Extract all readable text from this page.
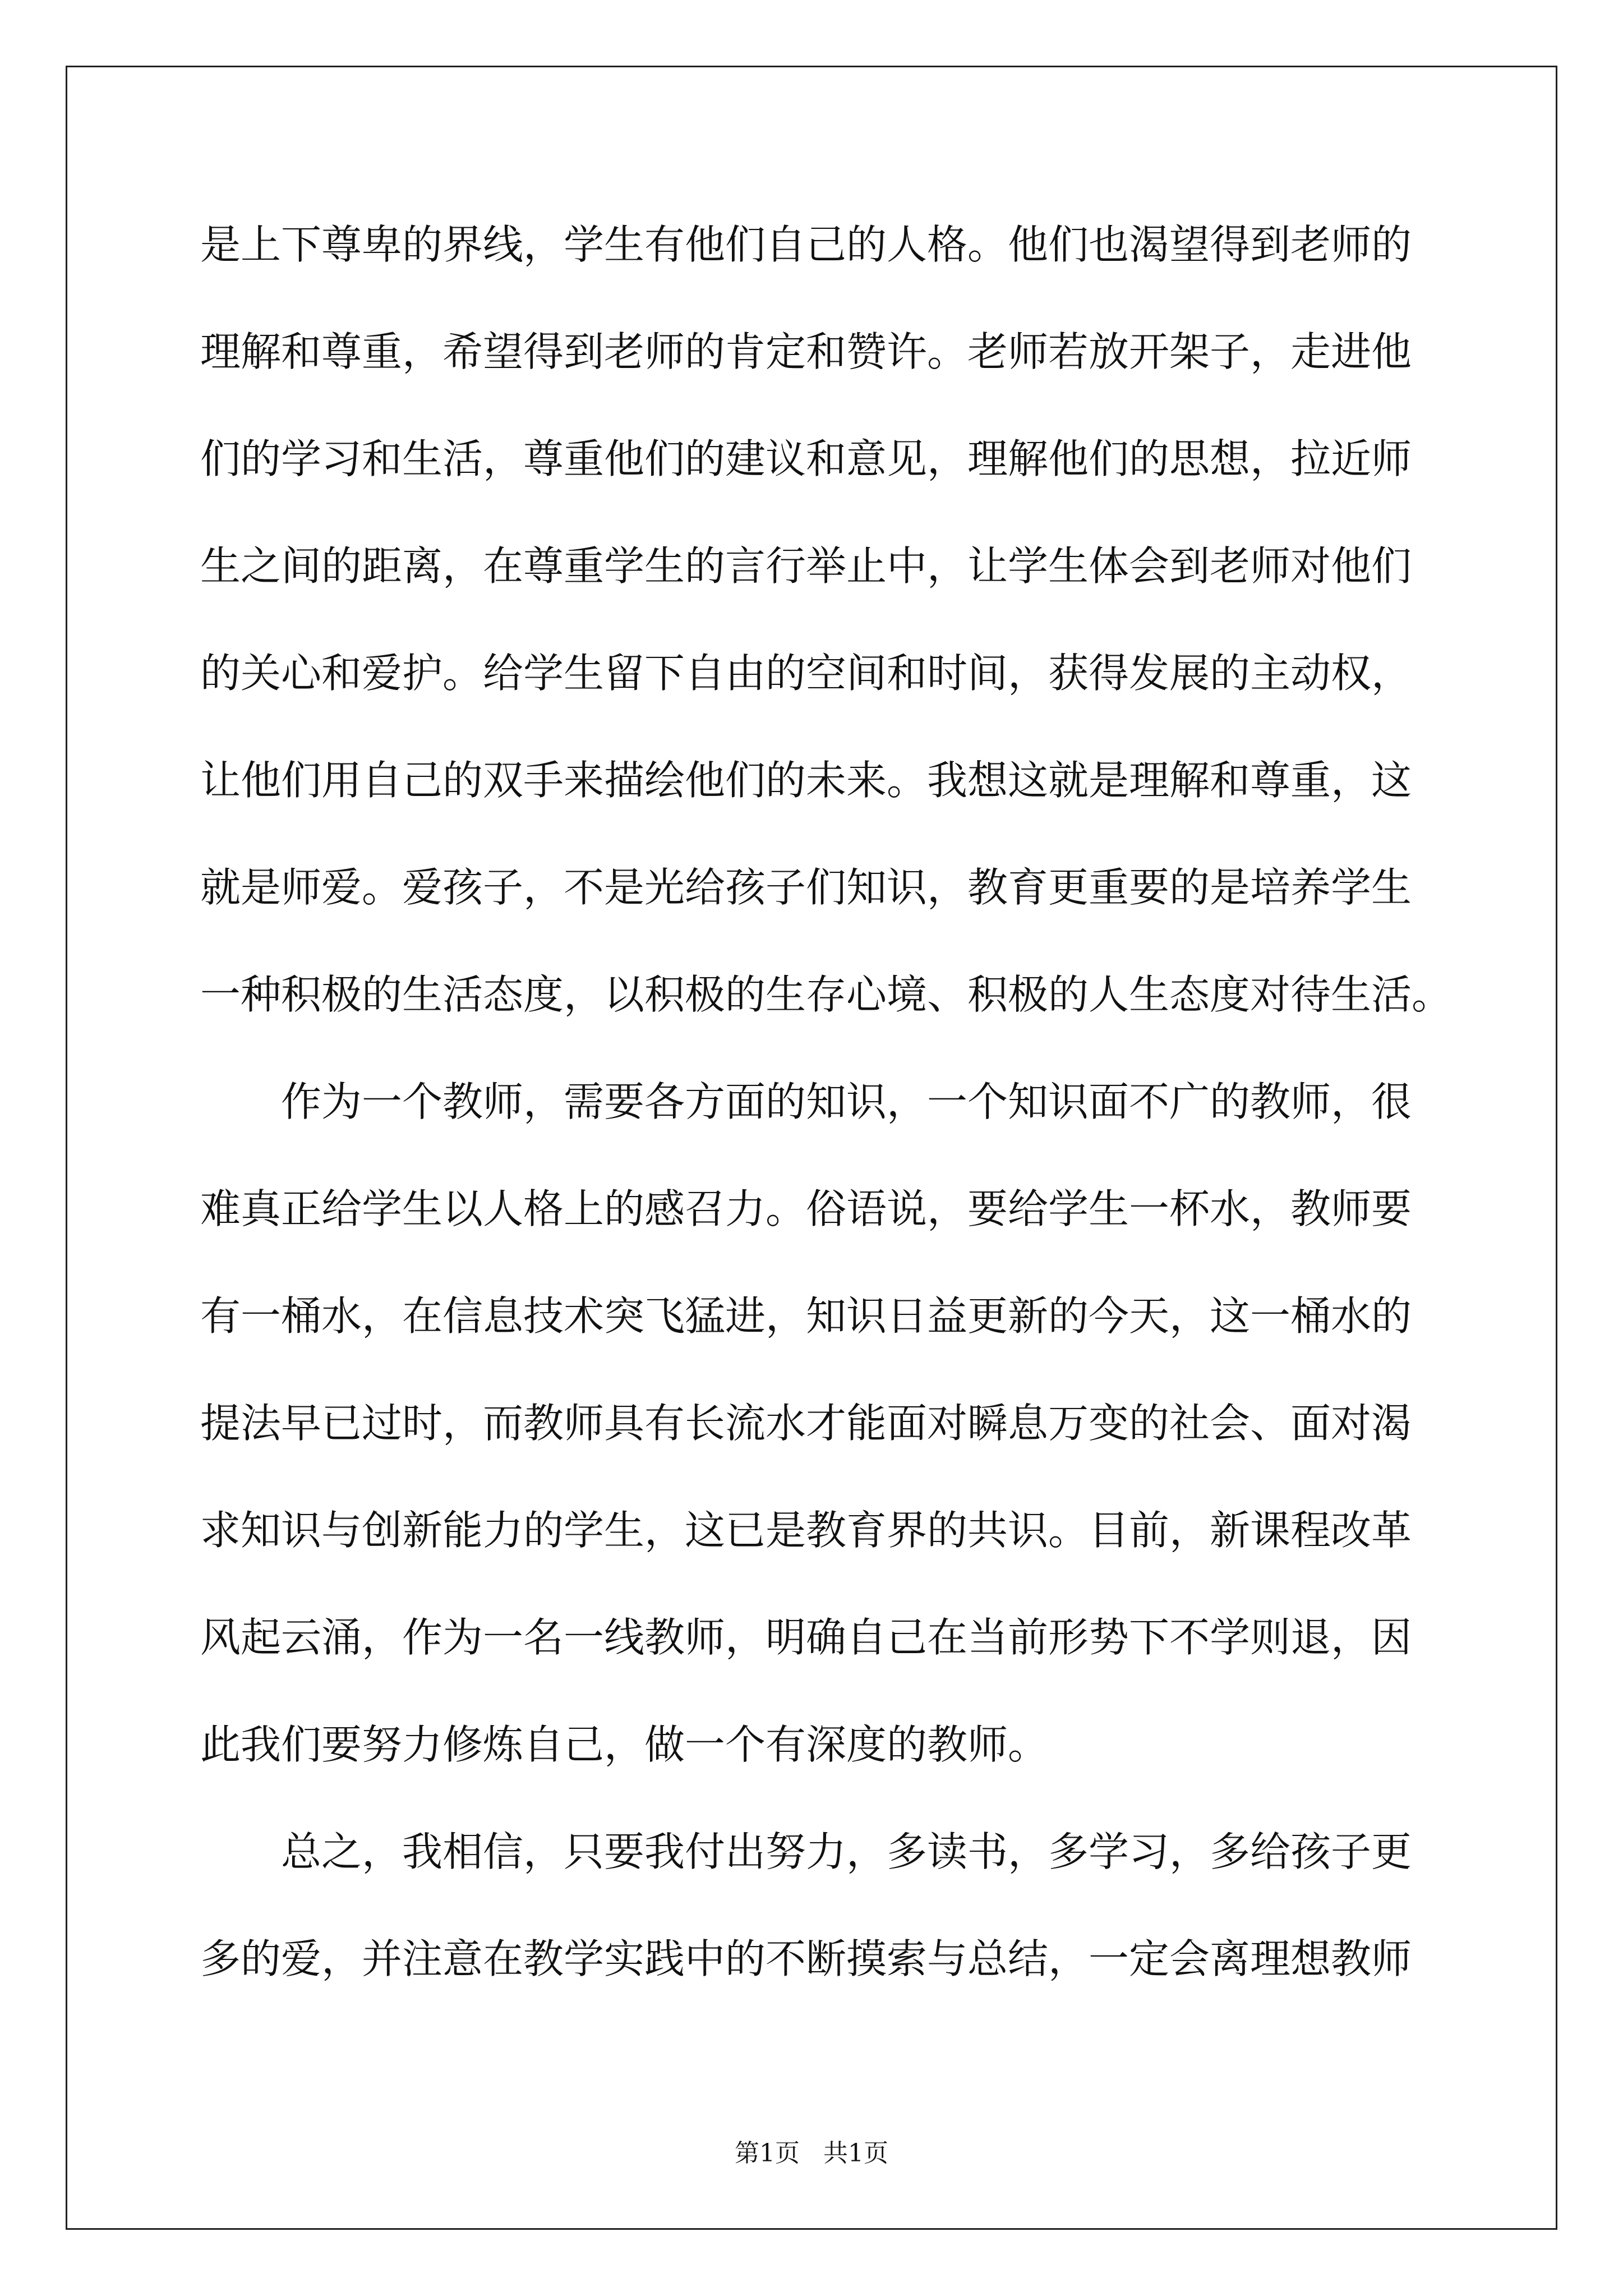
是上下尊卑的界线，学生有他们自己的人格。他们也渴望得到老师的
理解和尊重，希望得到老师的肯定和赞许。老师若放开架子，走进他
们的学习和生活，尊重他们的建议和意见，理解他们的思想，拉近师
生之间的距离，在尊重学生的言行举止中，让学生体会到老师对他们
的关心和爱护。给学生留下自由的空间和时间，获得发展的主动权，
让他们用自己的双手来描绘他们的未来。我想这就是理解和尊重，这
就是师爱。爱孩子，不是光给孩子们知识，教育更重要的是培养学生
一种积极的生活态度，以积极的生存心境、积极的人生态度对待生活。
　　作为一个教师，需要各方面的知识，一个知识面不广的教师，很
难真正给学生以人格上的感召力。俗语说，要给学生一杯水，教师要
有一桶水，在信息技术突飞猛进，知识日益更新的今天，这一桶水的
提法早已过时，而教师具有长流水才能面对瞬息万变的社会、面对渴
求知识与创新能力的学生，这已是教育界的共识。目前，新课程改革
风起云涌，作为一名一线教师，明确自己在当前形势下不学则退，因
此我们要努力修炼自己，做一个有深度的教师。
　　总之，我相信，只要我付出努力，多读书，多学习，多给孩子更
多的爱，并注意在教学实践中的不断摸索与总结，一定会离理想教师
第1页   共1页
